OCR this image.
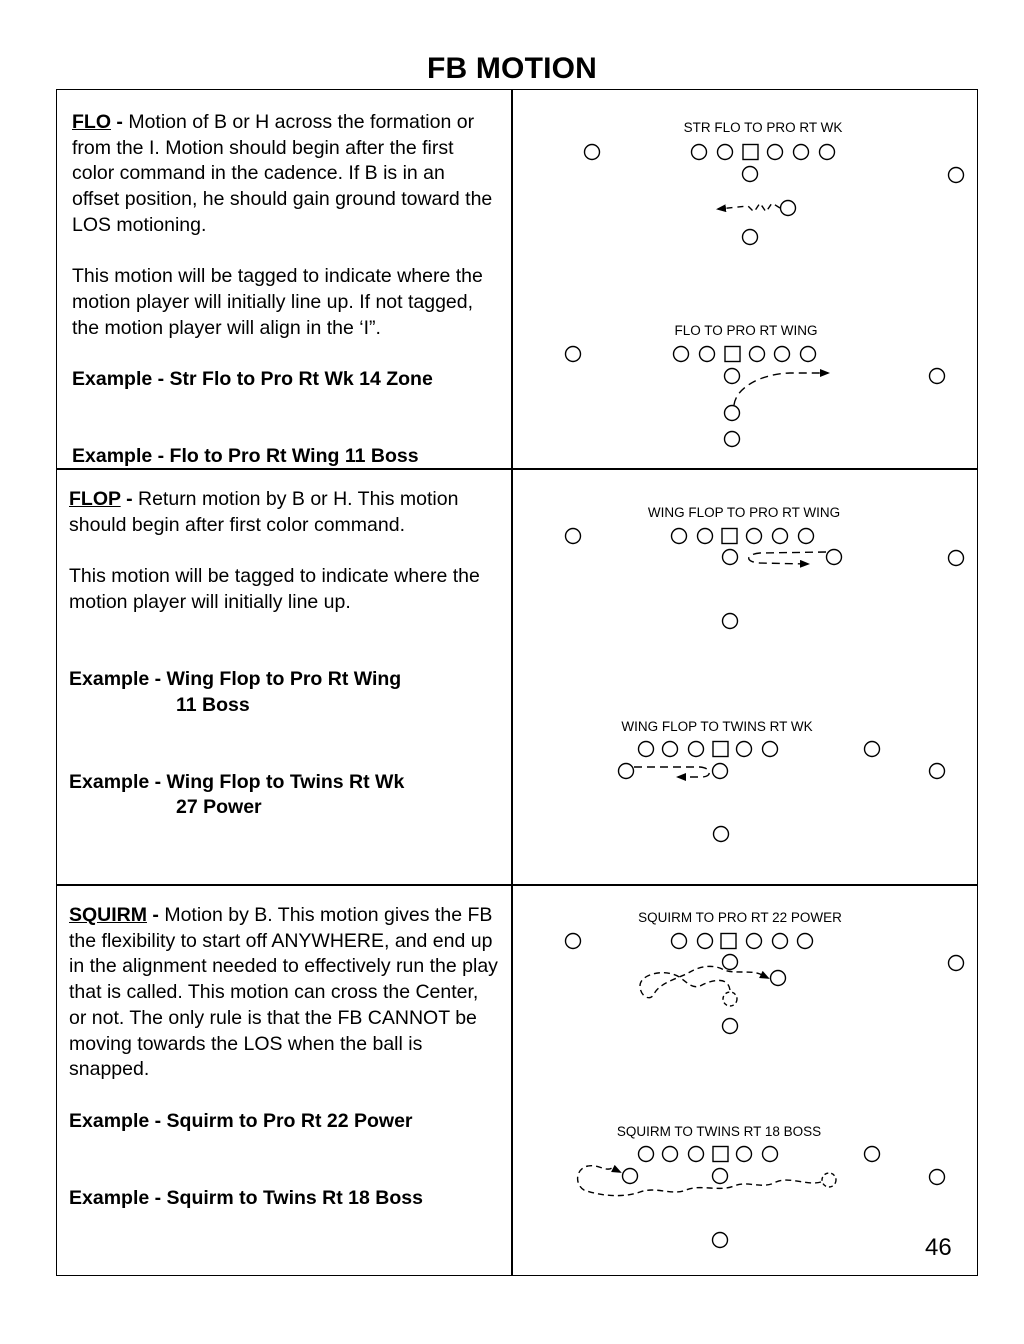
FB MOTION

FLO - Motion of B or H across the formation or from the I. Motion should begin after the first color command in the cadence. If B is in an offset position, he should gain ground toward the LOS motioning.

This motion will be tagged to indicate where the motion player will initially line up. If not tagged, the motion player will align in the ‘I”.

Example - Str Flo to Pro Rt Wk 14 Zone

Example - Flo to Pro Rt Wing 11 Boss

FLOP - Return motion by B or H. This motion should begin after first color command.

This motion will be tagged to indicate where the motion player will initially line up.

Example - Wing Flop to Pro Rt Wing

11 Boss

Example - Wing Flop to Twins Rt Wk

27 Power

SQUIRM - Motion by B. This motion gives the FB the flexibility to start off ANYWHERE, and end up in the alignment needed to effectively run the play that is called. This motion can cross the Center, or not. The only rule is that the FB CANNOT be moving towards the LOS when the ball is snapped.

Example - Squirm to Pro Rt 22 Power

Example - Squirm to Twins Rt 18 Boss

STR FLO TO PRO RT WK
FLO TO PRO RT WING
WING FLOP TO PRO RT WING
WING FLOP TO TWINS RT WK
SQUIRM TO PRO RT 22 POWER
SQUIRM TO TWINS RT 18 BOSS
46
